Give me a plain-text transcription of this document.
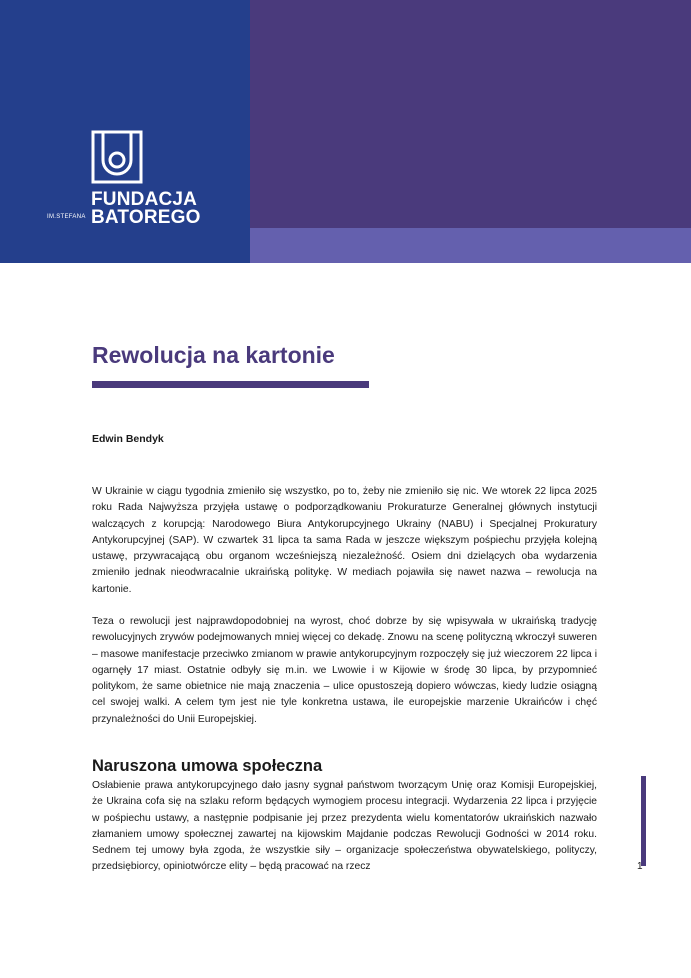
IM.STEFANA
FUNDACJA
BATOREGO
Rewolucja na kartonie
Edwin Bendyk

W Ukrainie w ciągu tygodnia zmieniło się wszystko, po to, żeby nie zmieniło się nic. We wtorek 22 lipca 2025 roku Rada Najwyższa przyjęła ustawę o podporządkowaniu Prokuraturze Generalnej głównych instytucji walczących z korupcją: Narodowego Biura Antykorupcyjnego Ukrainy (NABU) i Specjalnej Prokuratury Antykorupcyjnej (SAP). W czwartek 31 lipca ta sama Rada w jeszcze większym pośpiechu przyjęła kolejną ustawę, przywracającą obu organom wcześniejszą niezależność. Osiem dni dzielących oba wydarzenia zmieniło jednak nieodwracalnie ukraińską politykę. W mediach pojawiła się nawet nazwa – rewolucja na kartonie.

Teza o rewolucji jest najprawdopodobniej na wyrost, choć dobrze by się wpisywała w ukraińską tradycję rewolucyjnych zrywów podejmowanych mniej więcej co dekadę. Znowu na scenę polityczną wkroczył suweren – masowe manifestacje przeciwko zmianom w prawie antykorupcyjnym rozpoczęły się już wieczorem 22 lipca i ogarnęły 17 miast. Ostatnie odbyły się m.in. we Lwowie i w Kijowie w środę 30 lipca, by przypomnieć politykom, że same obietnice nie mają znaczenia – ulice opustoszeją dopiero wówczas, kiedy ludzie osiągną cel swojej walki. A celem tym jest nie tyle konkretna ustawa, ile europejskie marzenie Ukraińców i chęć przynależności do Unii Europejskiej.

Naruszona umowa społeczna

Osłabienie prawa antykorupcyjnego dało jasny sygnał państwom tworzącym Unię oraz Komisji Europejskiej, że Ukraina cofa się na szlaku reform będących wymogiem procesu integracji. Wydarzenia 22 lipca i przyjęcie w pośpiechu ustawy, a następnie podpisanie jej przez prezydenta wielu komentatorów ukraińskich nazwało złamaniem umowy społecznej zawartej na kijowskim Majdanie podczas Rewolucji Godności w 2014 roku. Sednem tej umowy była zgoda, że wszystkie siły – organizacje społeczeństwa obywatelskiego, polityczy, przedsiębiorcy, opiniotwórcze elity – będą pracować na rzecz	1
